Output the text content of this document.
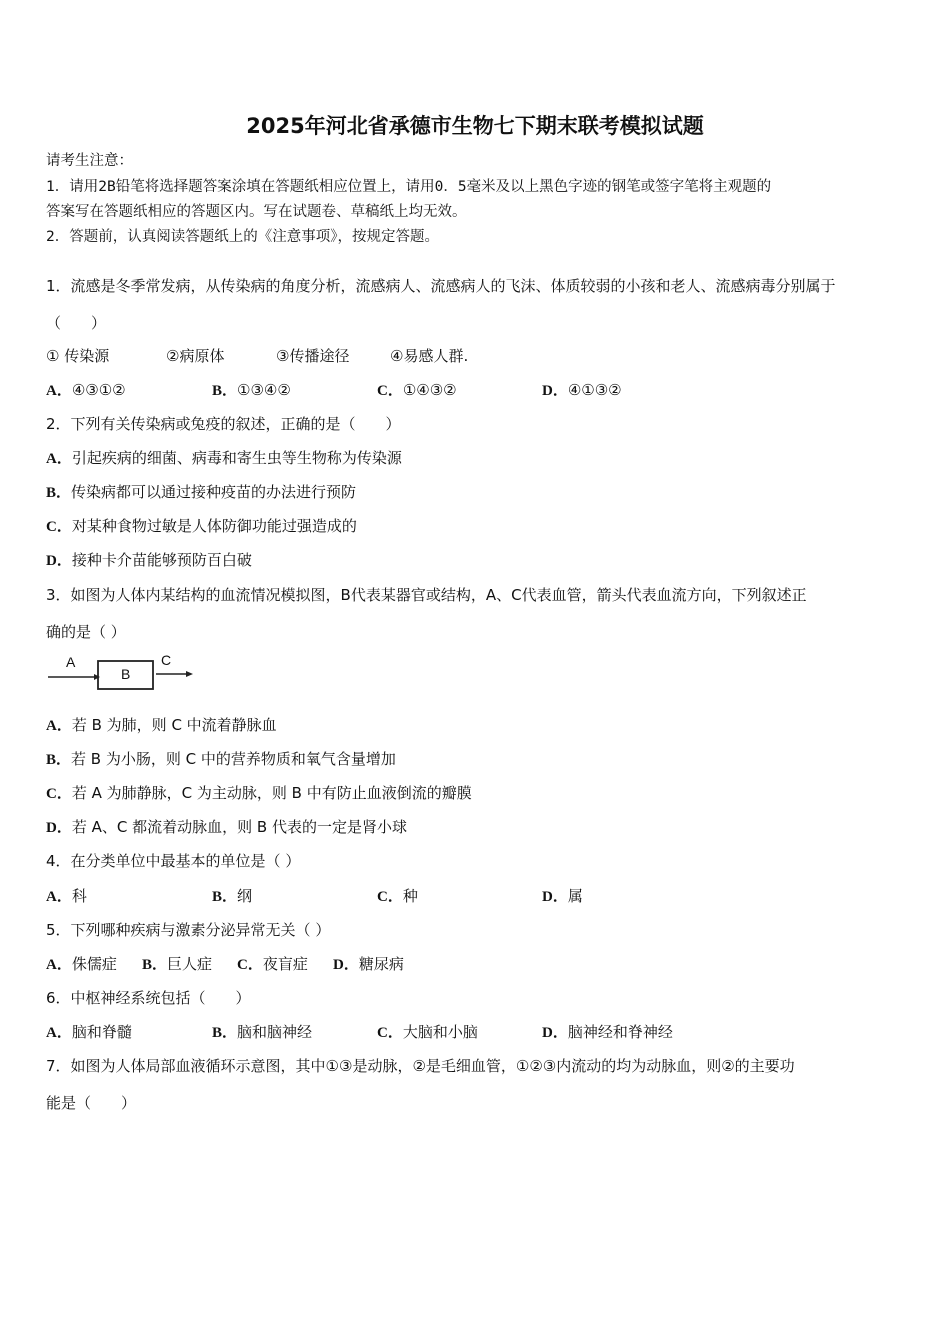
2025年河北省承德市生物七下期末联考模拟试题
请考生注意：
1．请用2B铅笔将选择题答案涂填在答题纸相应位置上，请用0．5毫米及以上黑色字迹的钢笔或签字笔将主观题的
答案写在答题纸相应的答题区内。写在试题卷、草稿纸上均无效。
2．答题前，认真阅读答题纸上的《注意事项》，按规定答题。
1．流感是冬季常发病，从传染病的角度分析，流感病人、流感病人的飞沫、体质较弱的小孩和老人、流感病毒分别属于
（　　）
① 传染源	②病原体	③传播途径	④易感人群.
A．④③①②	B．①③④②	C．①④③②	D．④①③②
2．下列有关传染病或兔疫的叙述，正确的是（　　）
A．引起疾病的细菌、病毒和寄生虫等生物称为传染源
B．传染病都可以通过接种疫苗的办法进行预防
C．对某种食物过敏是人体防御功能过强造成的
D．接种卡介苗能够预防百白破
3．如图为人体内某结构的血流情况模拟图，B代表某器官或结构，A、C代表血管，箭头代表血流方向，下列叙述正
确的是（ ）
A
B
C
A．若 B 为肺，则 C 中流着静脉血
B．若 B 为小肠，则 C 中的营养物质和氧气含量增加
C．若 A 为肺静脉，C 为主动脉，则 B 中有防止血液倒流的瓣膜
D．若 A、C 都流着动脉血，则 B 代表的一定是肾小球
4．在分类单位中最基本的单位是（ ）
A．科	B．纲	C．种	D．属
5．下列哪种疾病与激素分泌异常无关（ ）
A．侏儒症 B．巨人症 C．夜盲症 D．糖尿病
6．中枢神经系统包括（　　）
A．脑和脊髓	B．脑和脑神经	C．大脑和小脑	D．脑神经和脊神经
7．如图为人体局部血液循环示意图，其中①③是动脉，②是毛细血管，①②③内流动的均为动脉血，则②的主要功
能是（　　）
